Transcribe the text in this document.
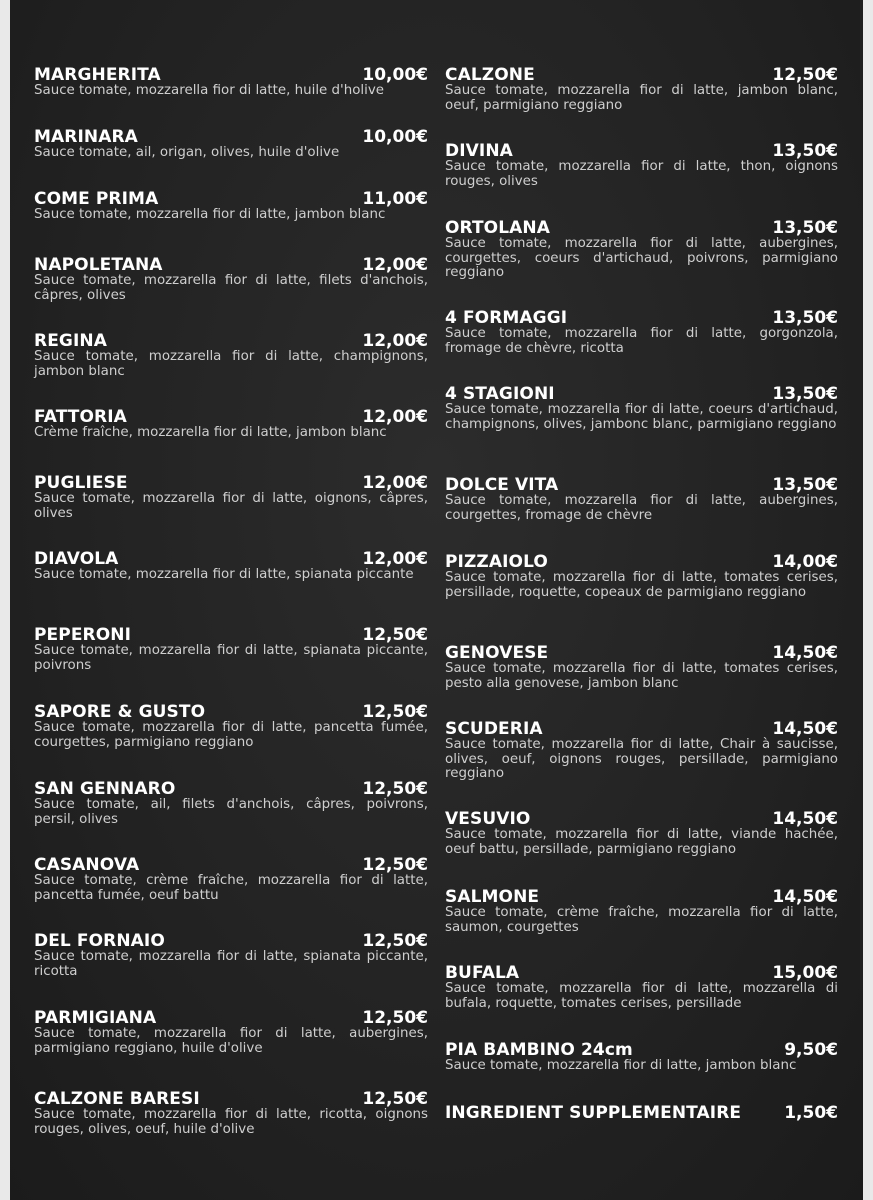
MARGHERITA	10,00€
Sauce tomate, mozzarella fior di latte, huile d'holive
MARINARA	10,00€
Sauce tomate, ail, origan, olives, huile d'olive
COME PRIMA	11,00€
Sauce tomate, mozzarella fior di latte, jambon blanc
NAPOLETANA	12,00€
Sauce tomate, mozzarella fior di latte, filets d'anchois, câpres, olives
REGINA	12,00€
Sauce tomate, mozzarella fior di latte, champignons, jambon blanc
FATTORIA	12,00€
Crème fraîche, mozzarella fior di latte, jambon blanc
PUGLIESE	12,00€
Sauce tomate, mozzarella fior di latte, oignons, câpres, olives
DIAVOLA	12,00€
Sauce tomate, mozzarella fior di latte, spianata piccante
PEPERONI	12,50€
Sauce tomate, mozzarella fior di latte, spianata piccante, poivrons
SAPORE & GUSTO	12,50€
Sauce tomate, mozzarella fior di latte, pancetta fumée, courgettes, parmigiano reggiano
SAN GENNARO	12,50€
Sauce tomate, ail, filets d'anchois, câpres, poivrons, persil, olives
CASANOVA	12,50€
Sauce tomate, crème fraîche, mozzarella fior di latte, pancetta fumée, oeuf battu
DEL FORNAIO	12,50€
Sauce tomate, mozzarella fior di latte, spianata piccante, ricotta
PARMIGIANA	12,50€
Sauce tomate, mozzarella fior di latte, aubergines, parmigiano reggiano, huile d'olive
CALZONE BARESI	12,50€
Sauce tomate, mozzarella fior di latte, ricotta, oignons rouges, olives, oeuf, huile d'olive
INGREDIENT SUPPLEMENTAIRE	1,50€
CALZONE	12,50€
Sauce tomate, mozzarella fior di latte, jambon blanc, oeuf, parmigiano reggiano
DIVINA	13,50€
Sauce tomate, mozzarella fior di latte, thon, oignons rouges, olives
ORTOLANA	13,50€
Sauce tomate, mozzarella fior di latte, aubergines, courgettes, coeurs d'artichaud, poivrons, parmigiano reggiano
4 FORMAGGI	13,50€
Sauce tomate, mozzarella fior di latte, gorgonzola, fromage de chèvre, ricotta
4 STAGIONI	13,50€
Sauce tomate, mozzarella fior di latte, coeurs d'artichaud, champignons, olives, jambonc blanc, parmigiano reggiano
DOLCE VITA	13,50€
Sauce tomate, mozzarella fior di latte, aubergines, courgettes, fromage de chèvre
PIZZAIOLO	14,00€
Sauce tomate, mozzarella fior di latte, tomates cerises, persillade, roquette, copeaux de parmigiano reggiano
GENOVESE	14,50€
Sauce tomate, mozzarella fior di latte, tomates cerises, pesto alla genovese, jambon blanc
SCUDERIA	14,50€
Sauce tomate, mozzarella fior di latte, Chair à saucisse, olives, oeuf, oignons rouges, persillade, parmigiano reggiano
VESUVIO	14,50€
Sauce tomate, mozzarella fior di latte, viande hachée, oeuf battu, persillade, parmigiano reggiano
SALMONE	14,50€
Sauce tomate, crème fraîche, mozzarella fior di latte, saumon, courgettes
BUFALA	15,00€
Sauce tomate, mozzarella fior di latte, mozzarella di bufala, roquette, tomates cerises, persillade
PIA BAMBINO 24cm	9,50€
Sauce tomate, mozzarella fior di latte, jambon blanc
